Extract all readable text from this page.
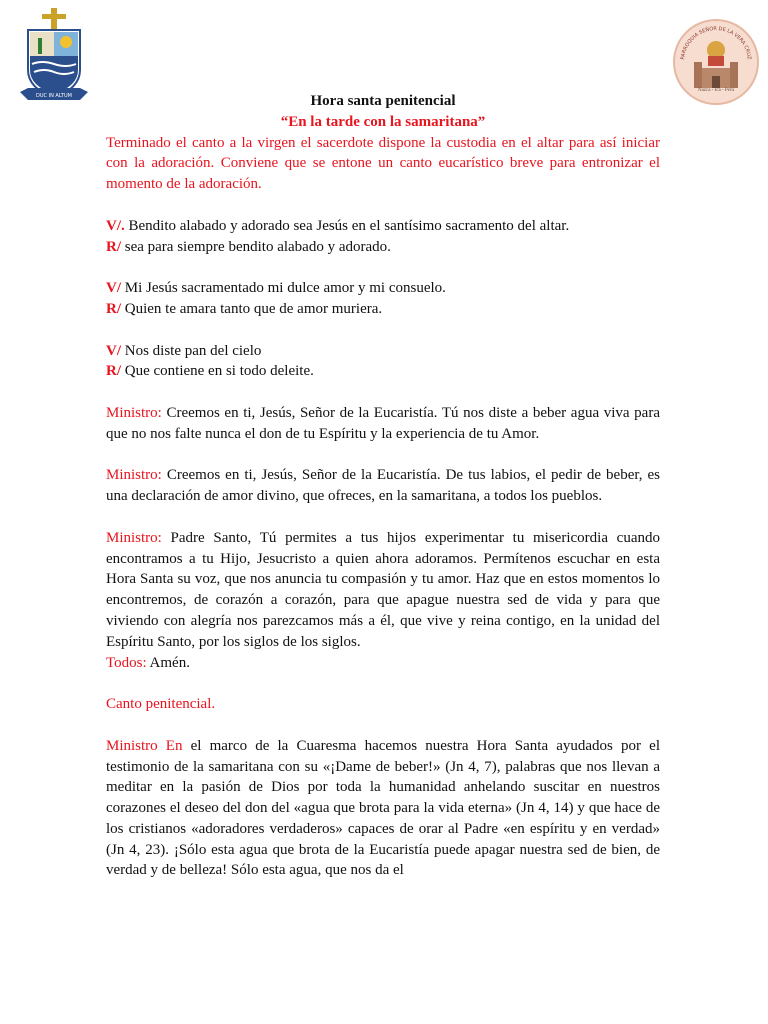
DUC IN ALTUM
PARROQUIA SEÑOR DE LA VERA CRUZ
Nazca - Ica - Perú

Hora santa penitencial

“En la tarde con la samaritana”

Terminado el canto a la virgen el sacerdote dispone la custodia en el altar para así iniciar con la adoración. Conviene que se entone un canto eucarístico breve para entronizar el momento de la adoración.

V/. Bendito alabado y adorado sea Jesús en el santísimo sacramento del altar.

R/ sea para siempre bendito alabado y adorado.

V/ Mi Jesús sacramentado mi dulce amor y mi consuelo.

R/ Quien te amara tanto que de amor muriera.

V/ Nos diste pan del cielo

R/ Que contiene en si todo deleite.

Ministro: Creemos en ti, Jesús, Señor de la Eucaristía. Tú nos diste a beber agua viva para que no nos falte nunca el don de tu Espíritu y la experiencia de tu Amor.

Ministro: Creemos en ti, Jesús, Señor de la Eucaristía. De tus labios, el pedir de beber, es una declaración de amor divino, que ofreces, en la samaritana, a todos los pueblos.

Ministro: Padre Santo, Tú permites a tus hijos experimentar tu misericordia cuando encontramos a tu Hijo, Jesucristo a quien ahora adoramos. Permítenos escuchar en esta Hora Santa su voz, que nos anuncia tu compasión y tu amor. Haz que en estos momentos lo encontremos, de corazón a corazón, para que apague nuestra sed de vida y para que viviendo con alegría nos parezcamos más a él, que vive y reina contigo, en la unidad del Espíritu Santo, por los siglos de los siglos.

Todos: Amén.

Canto penitencial.

Ministro En el marco de la Cuaresma hacemos nuestra Hora Santa ayudados por el testimonio de la samaritana con su «¡Dame de beber!» (Jn 4, 7), palabras que nos llevan a meditar en la pasión de Dios por toda la humanidad anhelando suscitar en nuestros corazones el deseo del don del «agua que brota para la vida eterna» (Jn 4, 14) y que hace de los cristianos «adoradores verdaderos» capaces de orar al Padre «en espíritu y en verdad» (Jn 4, 23). ¡Sólo esta agua que brota de la Eucaristía puede apagar nuestra sed de bien, de verdad y de belleza! Sólo esta agua, que nos da el
